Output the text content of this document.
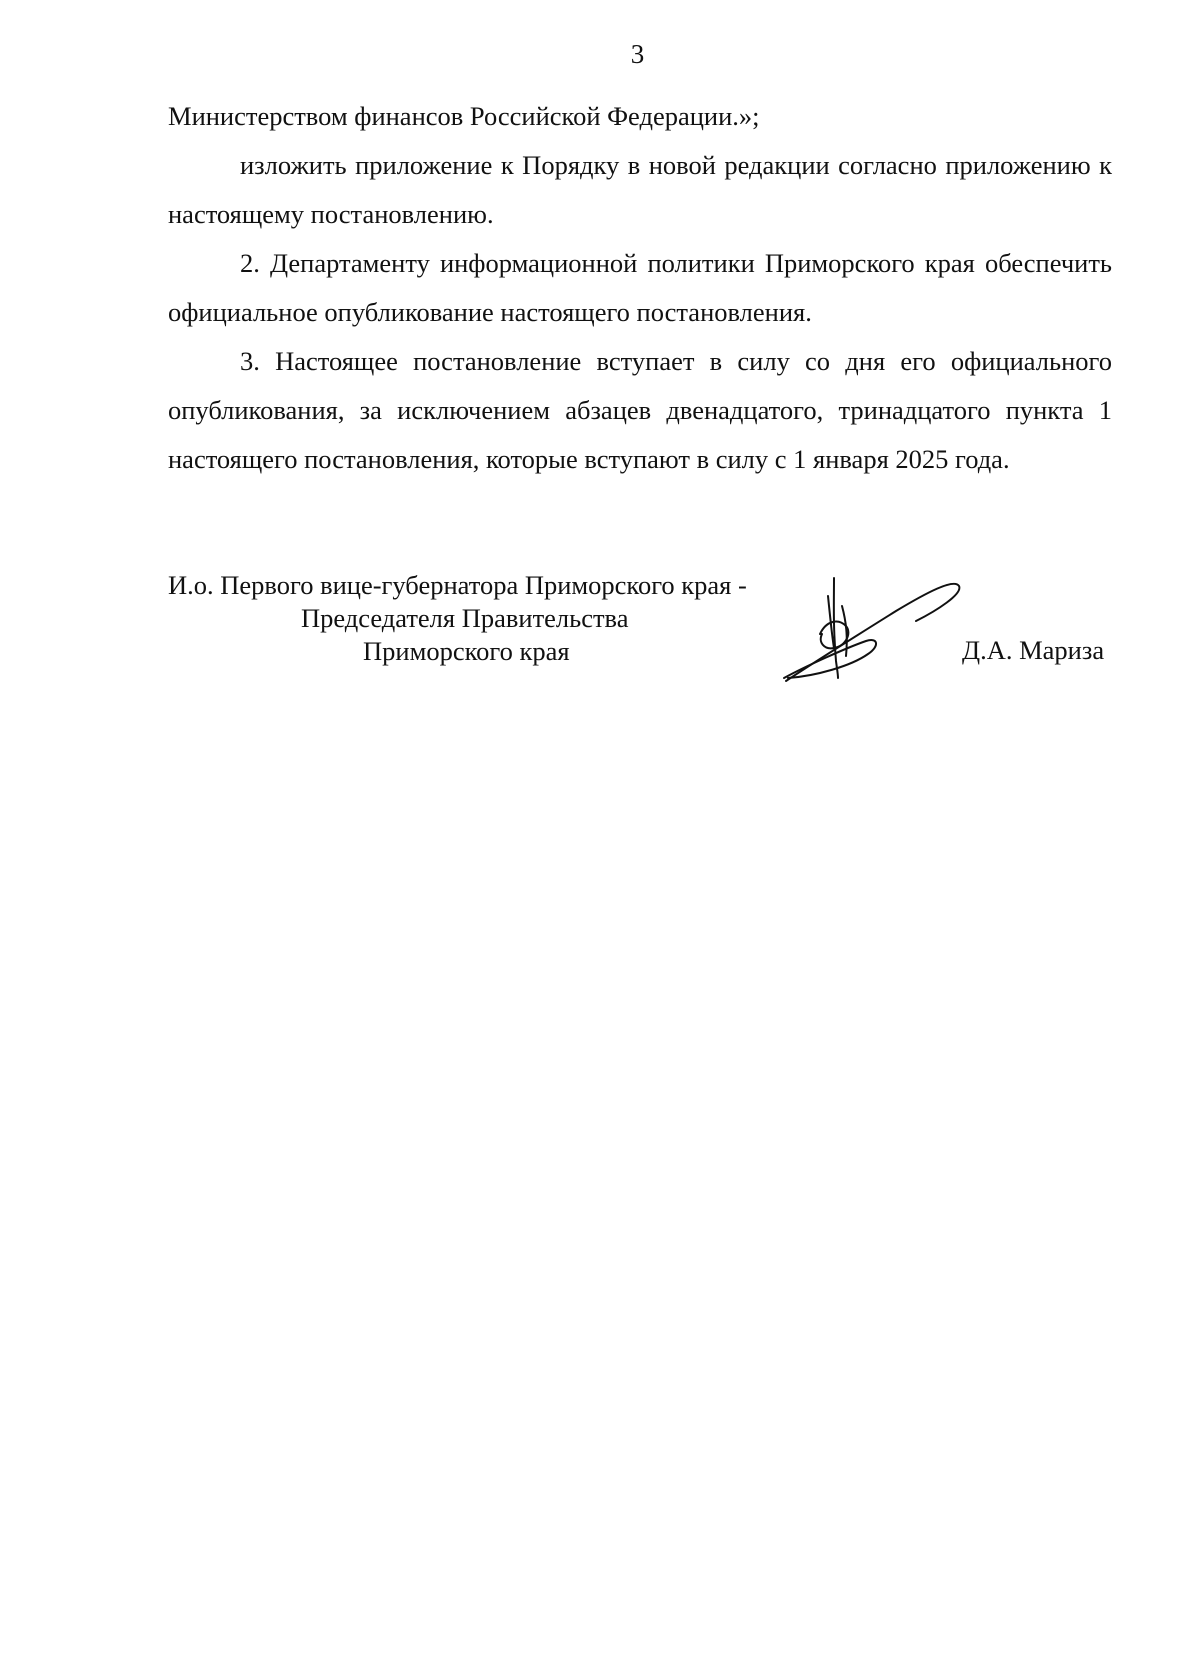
3

Министерством финансов Российской Федерации.»;

изложить приложение к Порядку в новой редакции согласно приложению к настоящему постановлению.

2. Департаменту информационной политики Приморского края обеспечить официальное опубликование настоящего постановления.

3. Настоящее постановление вступает в силу со дня его официального опубликования, за исключением абзацев двенадцатого, тринадцатого пункта 1 настоящего постановления, которые вступают в силу с 1 января 2025 года.

И.о. Первого вице-губернатора Приморского края -
Председателя Правительства
Приморского края	Д.А. Мариза
